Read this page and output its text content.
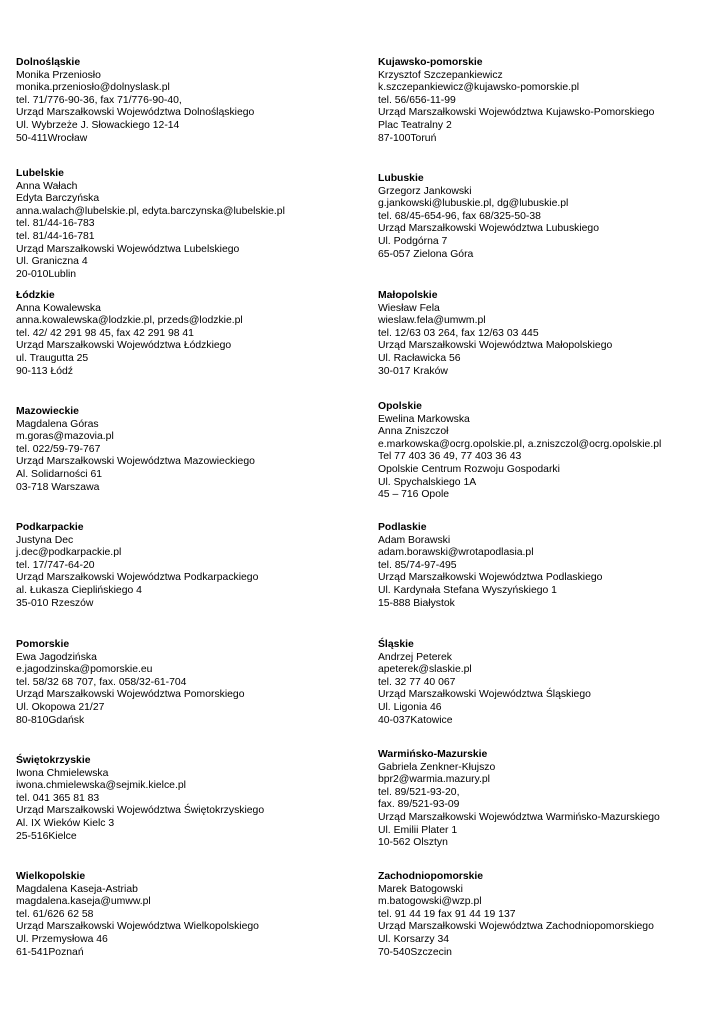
Dolnośląskie
Monika Przeniosło
monika.przeniosło@dolnyslask.pl
tel. 71/776-90-36, fax 71/776-90-40,
Urząd Marszałkowski Województwa Dolnośląskiego
Ul. Wybrzeże J. Słowackiego 12-14
50-411Wrocław
Lubelskie
Anna Wałach
Edyta Barczyńska
anna.walach@lubelskie.pl, edyta.barczynska@lubelskie.pl
tel. 81/44-16-783
tel. 81/44-16-781
Urząd Marszałkowski Województwa Lubelskiego
Ul. Graniczna 4
20-010Lublin
Łódzkie
Anna Kowalewska
anna.kowalewska@lodzkie.pl, przeds@lodzkie.pl
tel. 42/ 42 291 98 45, fax 42 291 98 41
Urząd Marszałkowski Województwa Łódzkiego
ul. Traugutta 25
90-113 Łódź
Mazowieckie
Magdalena Góras
m.goras@mazovia.pl
tel. 022/59-79-767
Urząd Marszałkowski Województwa Mazowieckiego
Al. Solidarności 61
03-718 Warszawa
Podkarpackie
Justyna Dec
j.dec@podkarpackie.pl
tel. 17/747-64-20
Urząd Marszałkowski Województwa Podkarpackiego
al. Łukasza Cieplińskiego 4
35-010 Rzeszów
Pomorskie
Ewa Jagodzińska
e.jagodzinska@pomorskie.eu
tel. 58/32 68 707, fax. 058/32-61-704
Urząd Marszałkowski Województwa Pomorskiego
Ul. Okopowa 21/27
80-810Gdańsk
Świętokrzyskie
Iwona Chmielewska
iwona.chmielewska@sejmik.kielce.pl
tel. 041 365 81 83
Urząd Marszałkowski Województwa Świętokrzyskiego
Al. IX Wieków Kielc 3
25-516Kielce
Wielkopolskie
Magdalena Kaseja-Astriab
magdalena.kaseja@umww.pl
tel. 61/626 62 58
Urząd Marszałkowski Województwa Wielkopolskiego
Ul. Przemysłowa 46
61-541Poznań
Kujawsko-pomorskie
Krzysztof Szczepankiewicz
k.szczepankiewicz@kujawsko-pomorskie.pl
tel. 56/656-11-99
Urząd Marszałkowski Województwa Kujawsko-Pomorskiego
Plac Teatralny 2
87-100Toruń
Lubuskie
Grzegorz Jankowski
g.jankowski@lubuskie.pl, dg@lubuskie.pl
tel. 68/45-654-96, fax 68/325-50-38
Urząd Marszałkowski Województwa Lubuskiego
Ul. Podgórna 7
65-057 Zielona Góra
Małopolskie
Wiesław Fela
wieslaw.fela@umwm.pl
tel. 12/63 03 264, fax 12/63 03 445
Urząd Marszałkowski Województwa Małopolskiego
Ul. Racławicka 56
30-017 Kraków
Opolskie
Ewelina Markowska
Anna Zniszczoł
e.markowska@ocrg.opolskie.pl, a.zniszczol@ocrg.opolskie.pl
Tel 77 403 36 49, 77 403 36 43
Opolskie Centrum Rozwoju Gospodarki
Ul. Spychalskiego 1A
45 – 716 Opole
Podlaskie
Adam Borawski
adam.borawski@wrotapodlasia.pl
tel. 85/74-97-495
Urząd Marszałkowski Województwa Podlaskiego
Ul. Kardynała Stefana Wyszyńskiego 1
15-888 Białystok
Śląskie
Andrzej Peterek
apeterek@slaskie.pl
tel. 32 77 40 067
Urząd Marszałkowski Województwa Śląskiego
Ul. Ligonia 46
40-037Katowice
Warmińsko-Mazurskie
Gabriela Zenkner-Kłujszo
bpr2@warmia.mazury.pl
tel. 89/521-93-20,
fax. 89/521-93-09
Urząd Marszałkowski Województwa Warmińsko-Mazurskiego
Ul. Emilii Plater 1
10-562 Olsztyn
Zachodniopomorskie
Marek Batogowski
m.batogowski@wzp.pl
tel. 91 44 19 fax 91 44 19 137
Urząd Marszałkowski Województwa Zachodniopomorskiego
Ul. Korsarzy 34
70-540Szczecin
